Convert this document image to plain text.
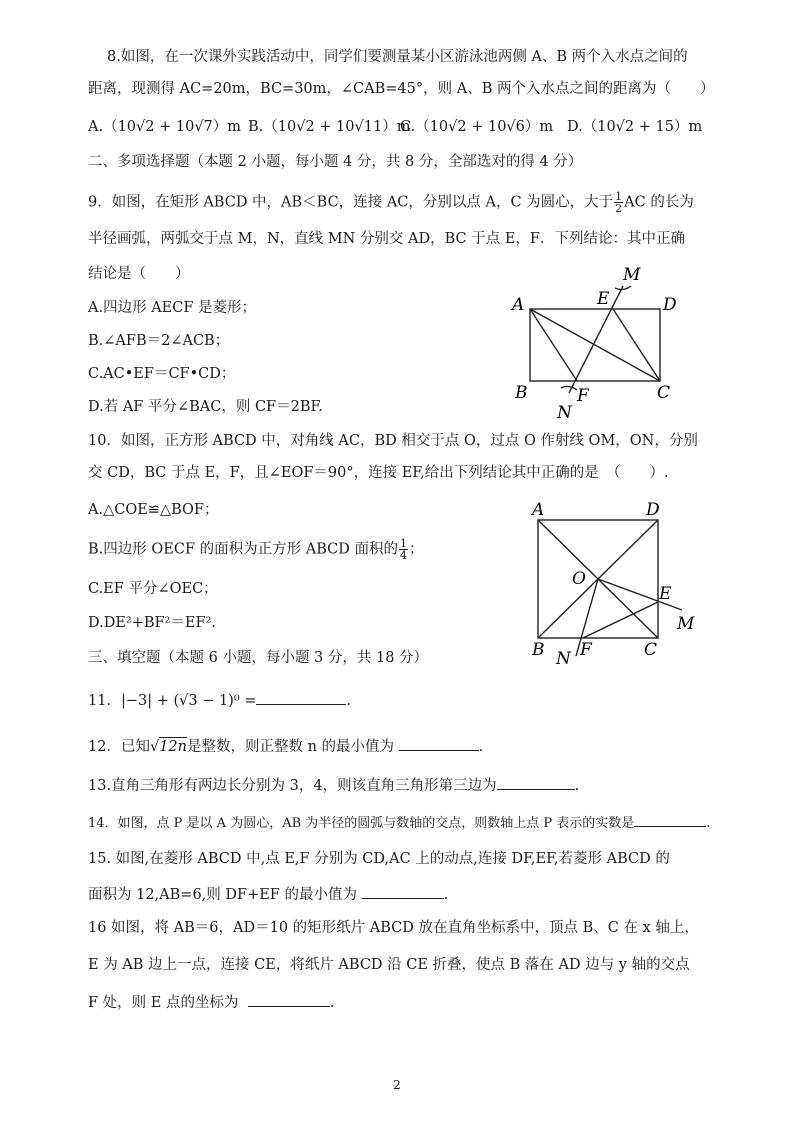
8.如图，在一次课外实践活动中，同学们要测量某小区游泳池两侧 A、B 两个入水点之间的
距离，现测得 AC=20m，BC=30m，∠CAB=45°，则 A、B 两个入水点之间的距离为（　　）
A.（10√2 + 10√7）m B.（10√2 + 10√11）m
C.（10√2 + 10√6）m D.（10√2 + 15）m
二、多项选择题（本题 2 小题，每小题 4 分，共 8 分，全部选对的得 4 分）
9．如图，在矩形 ABCD 中，AB＜BC，连接 AC，分别以点 A，C 为圆心，大于 $\frac{1}{2}$ AC 的长为
半径画弧，两弧交于点 M，N，直线 MN 分别交 AD，BC 于点 E，F．下列结论：其中正确
结论是（　　）
A.四边形 AECF 是菱形；
B.∠AFB＝2∠ACB；
C.AC•EF＝CF•CD；
D.若 AF 平分∠BAC，则 CF＝2BF.
A	E	D
M
B	F	C
N
10．如图，正方形 ABCD 中，对角线 AC，BD 相交于点 O，过点 O 作射线 OM，ON，分别
交 CD，BC 于点 E，F，且∠EOF＝90°，连接 EF,给出下列结论其中正确的是　（　　）.
A.△COE≌△BOF；
B.四边形 OECF 的面积为正方形 ABCD 面积的 $\frac{1}{4}$ ；
C.EF 平分∠OEC；
D.DE²+BF²＝EF².
A	D
O
E
M
B F
N	C
三、填空题（本题 6 小题，每小题 3 分，共 18 分）
11．|−3| + (√3 − 1)⁰ =	.
12．已知√12n是整数，则正整数 n 的最小值为	.
13.直角三角形有两边长分别为 3，4，则该直角三角形第三边为	.
14．如图，点 P 是以 A 为圆心，AB 为半径的圆弧与数轴的交点，则数轴上点 P 表示的实数是	.
15. 如图,在菱形 ABCD 中,点 E,F 分别为 CD,AC 上的动点,连接 DF,EF,若菱形 ABCD 的
面积为 12,AB=6,则 DF+EF 的最小值为	.
16 如图，将 AB＝6，AD＝10 的矩形纸片 ABCD 放在直角坐标系中，顶点 B、C 在 x 轴上，
E 为 AB 边上一点，连接 CE，将纸片 ABCD 沿 CE 折叠，使点 B 落在 AD 边与 y 轴的交点
F 处，则 E 点的坐标为	.
2
